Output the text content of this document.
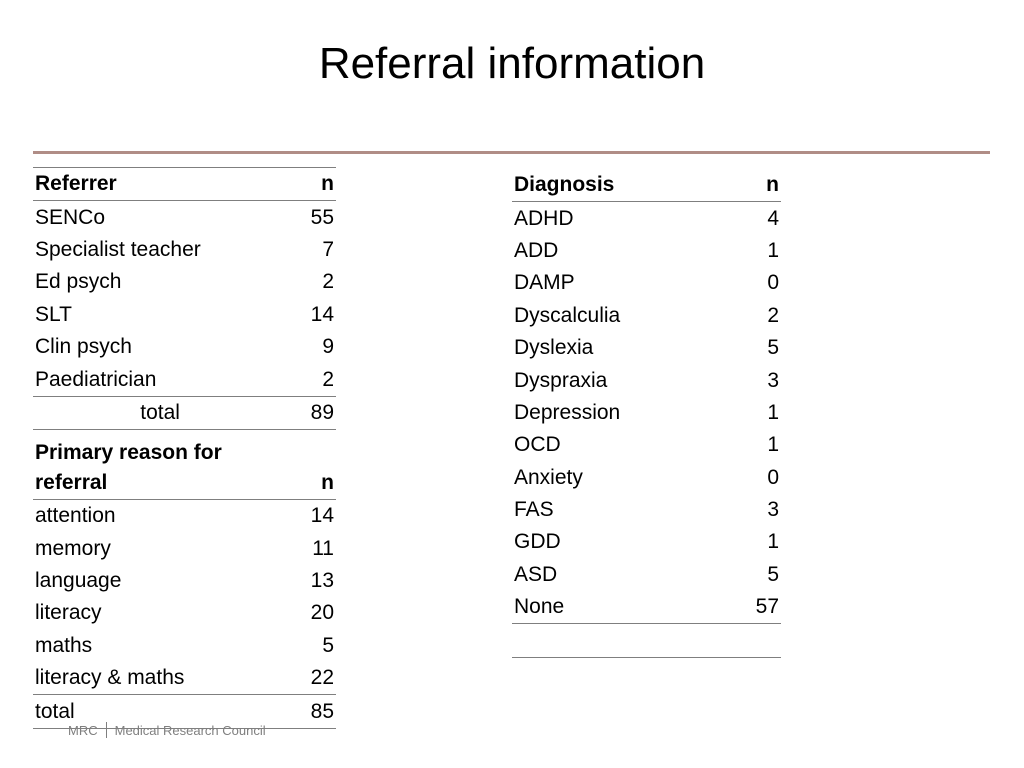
Referral information
Referrer	n
SENCo	55
Specialist teacher	7
Ed psych	2
SLT	14
Clin psych	9
Paediatrician	2
total	89
Primary reason for
referral	n
attention	14
memory	11
language	13
literacy	20
maths	5
literacy & maths	22
total	85
Diagnosis	n
ADHD	4
ADD	1
DAMP	0
Dyscalculia	2
Dyslexia	5
Dyspraxia	3
Depression	1
OCD	1
Anxiety	0
FAS	3
GDD	1
ASD	5
None	57

MRC Medical Research Council
